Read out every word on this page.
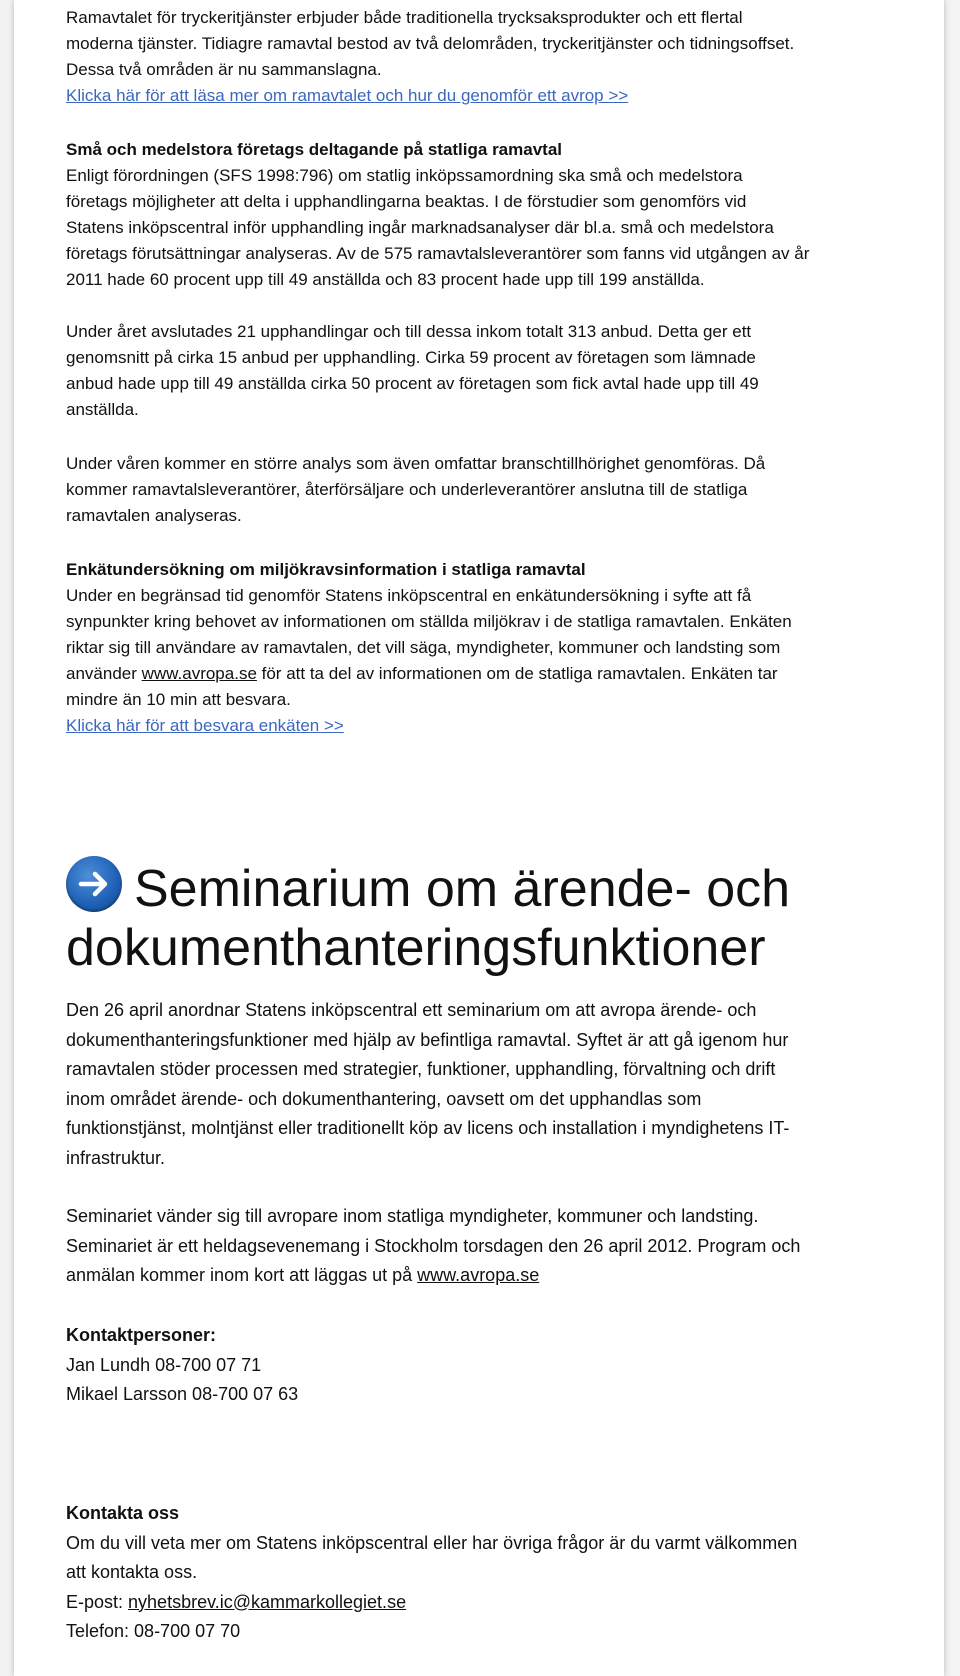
Ramavtalet för tryckeritjänster erbjuder både traditionella trycksaksprodukter och ett flertal
moderna tjänster. Tidiagre ramavtal bestod av två delområden, tryckeritjänster och tidningsoffset.
Dessa två områden är nu sammanslagna.
Klicka här för att läsa mer om ramavtalet och hur du genomför ett avrop >>

Små och medelstora företags deltagande på statliga ramavtal
Enligt förordningen (SFS 1998:796) om statlig inköpssamordning ska små och medelstora
företags möjligheter att delta i upphandlingarna beaktas. I de förstudier som genomförs vid
Statens inköpscentral inför upphandling ingår marknadsanalyser där bl.a. små och medelstora
företags förutsättningar analyseras. Av de 575 ramavtalsleverantörer som fanns vid utgången av år
2011 hade 60 procent upp till 49 anställda och 83 procent hade upp till 199 anställda.

Under året avslutades 21 upphandlingar och till dessa inkom totalt 313 anbud. Detta ger ett
genomsnitt på cirka 15 anbud per upphandling. Cirka 59 procent av företagen som lämnade
anbud hade upp till 49 anställda cirka 50 procent av företagen som fick avtal hade upp till 49
anställda.

Under våren kommer en större analys som även omfattar branschtillhörighet genomföras. Då
kommer ramavtalsleverantörer, återförsäljare och underleverantörer anslutna till de statliga
ramavtalen analyseras.

Enkätundersökning om miljökravsinformation i statliga ramavtal
Under en begränsad tid genomför Statens inköpscentral en enkätundersökning i syfte att få
synpunkter kring behovet av informationen om ställda miljökrav i de statliga ramavtalen. Enkäten
riktar sig till användare av ramavtalen, det vill säga, myndigheter, kommuner och landsting som
använder www.avropa.se för att ta del av informationen om de statliga ramavtalen. Enkäten tar
mindre än 10 min att besvara.
Klicka här för att besvara enkäten >>

Seminarium om ärende- och
dokumenthanteringsfunktioner

Den 26 april anordnar Statens inköpscentral ett seminarium om att avropa ärende- och
dokumenthanteringsfunktioner med hjälp av befintliga ramavtal. Syftet är att gå igenom hur
ramavtalen stöder processen med strategier, funktioner, upphandling, förvaltning och drift
inom området ärende- och dokumenthantering, oavsett om det upphandlas som
funktionstjänst, molntjänst eller traditionellt köp av licens och installation i myndighetens IT-
infrastruktur.

Seminariet vänder sig till avropare inom statliga myndigheter, kommuner och landsting.
Seminariet är ett heldagsevenemang i Stockholm torsdagen den 26 april 2012. Program och
anmälan kommer inom kort att läggas ut på www.avropa.se

Kontaktpersoner:
Jan Lundh 08-700 07 71
Mikael Larsson 08-700 07 63

Kontakta oss
Om du vill veta mer om Statens inköpscentral eller har övriga frågor är du varmt välkommen
att kontakta oss.
E-post: nyhetsbrev.ic@kammarkollegiet.se
Telefon: 08-700 07 70
